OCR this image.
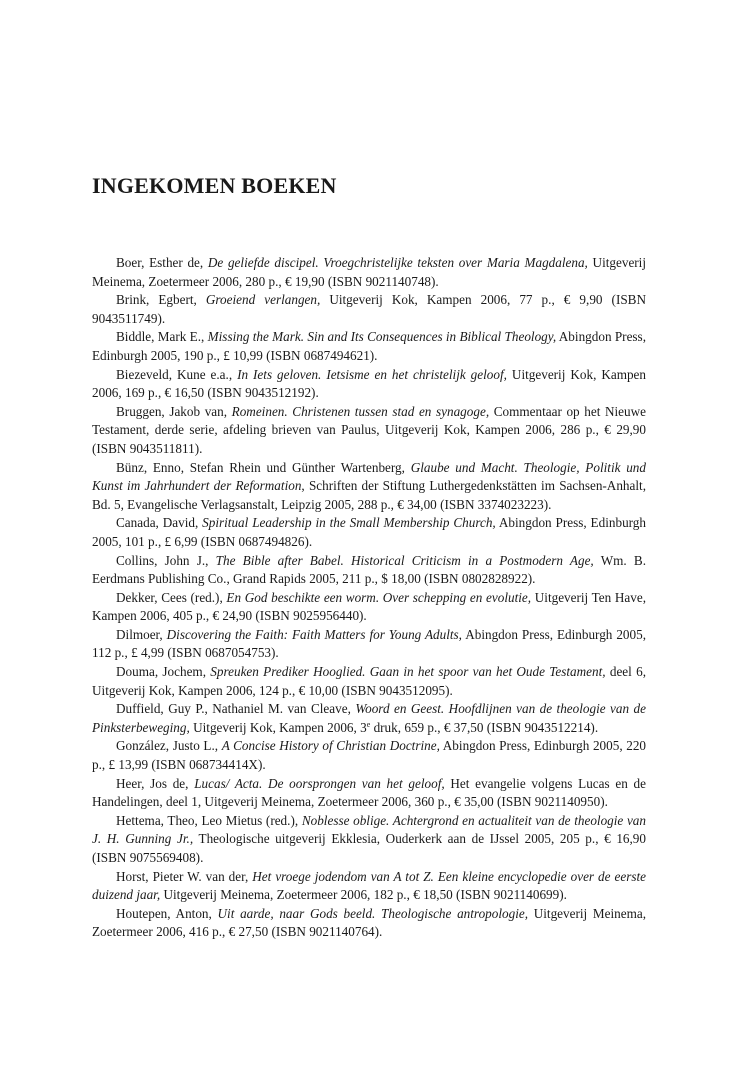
INGEKOMEN BOEKEN

Boer, Esther de, De geliefde discipel. Vroegchristelijke teksten over Maria Magdalena, Uitgeverij Meinema, Zoetermeer 2006, 280 p., € 19,90 (ISBN 9021140748).

Brink, Egbert, Groeiend verlangen, Uitgeverij Kok, Kampen 2006, 77 p., € 9,90 (ISBN 9043511749).

Biddle, Mark E., Missing the Mark. Sin and Its Consequences in Biblical Theology, Abingdon Press, Edinburgh 2005, 190 p., £ 10,99 (ISBN 0687494621).

Biezeveld, Kune e.a., In Iets geloven. Ietsisme en het christelijk geloof, Uitgeverij Kok, Kampen 2006, 169 p., € 16,50 (ISBN 9043512192).

Bruggen, Jakob van, Romeinen. Christenen tussen stad en synagoge, Commentaar op het Nieuwe Testament, derde serie, afdeling brieven van Paulus, Uitgeverij Kok, Kampen 2006, 286 p., € 29,90 (ISBN 9043511811).

Bünz, Enno, Stefan Rhein und Günther Wartenberg, Glaube und Macht. Theologie, Politik und Kunst im Jahrhundert der Reformation, Schriften der Stiftung Luthergedenkstätten im Sachsen-Anhalt, Bd. 5, Evangelische Verlagsanstalt, Leipzig 2005, 288 p., € 34,00 (ISBN 3374023223).

Canada, David, Spiritual Leadership in the Small Membership Church, Abingdon Press, Edinburgh 2005, 101 p., £ 6,99 (ISBN 0687494826).

Collins, John J., The Bible after Babel. Historical Criticism in a Postmodern Age, Wm. B. Eerdmans Publishing Co., Grand Rapids 2005, 211 p., $ 18,00 (ISBN 0802828922).

Dekker, Cees (red.), En God beschikte een worm. Over schepping en evolutie, Uitgeverij Ten Have, Kampen 2006, 405 p., € 24,90 (ISBN 9025956440).

Dilmoer, Discovering the Faith: Faith Matters for Young Adults, Abingdon Press, Edinburgh 2005, 112 p., £ 4,99 (ISBN 0687054753).

Douma, Jochem, Spreuken Prediker Hooglied. Gaan in het spoor van het Oude Testament, deel 6, Uitgeverij Kok, Kampen 2006, 124 p., € 10,00 (ISBN 9043512095).

Duffield, Guy P., Nathaniel M. van Cleave, Woord en Geest. Hoofdlijnen van de theologie van de Pinksterbeweging, Uitgeverij Kok, Kampen 2006, 3e druk, 659 p., € 37,50 (ISBN 9043512214).

González, Justo L., A Concise History of Christian Doctrine, Abingdon Press, Edinburgh 2005, 220 p., £ 13,99 (ISBN 068734414X).

Heer, Jos de, Lucas/ Acta. De oorsprongen van het geloof, Het evangelie volgens Lucas en de Handelingen, deel 1, Uitgeverij Meinema, Zoetermeer 2006, 360 p., € 35,00 (ISBN 9021140950).

Hettema, Theo, Leo Mietus (red.), Noblesse oblige. Achtergrond en actualiteit van de theologie van J. H. Gunning Jr., Theologische uitgeverij Ekklesia, Ouderkerk aan de IJssel 2005, 205 p., € 16,90 (ISBN 9075569408).

Horst, Pieter W. van der, Het vroege jodendom van A tot Z. Een kleine encyclopedie over de eerste duizend jaar, Uitgeverij Meinema, Zoetermeer 2006, 182 p., € 18,50 (ISBN 9021140699).

Houtepen, Anton, Uit aarde, naar Gods beeld. Theologische antropologie, Uitgeverij Meinema, Zoetermeer 2006, 416 p., € 27,50 (ISBN 9021140764).
